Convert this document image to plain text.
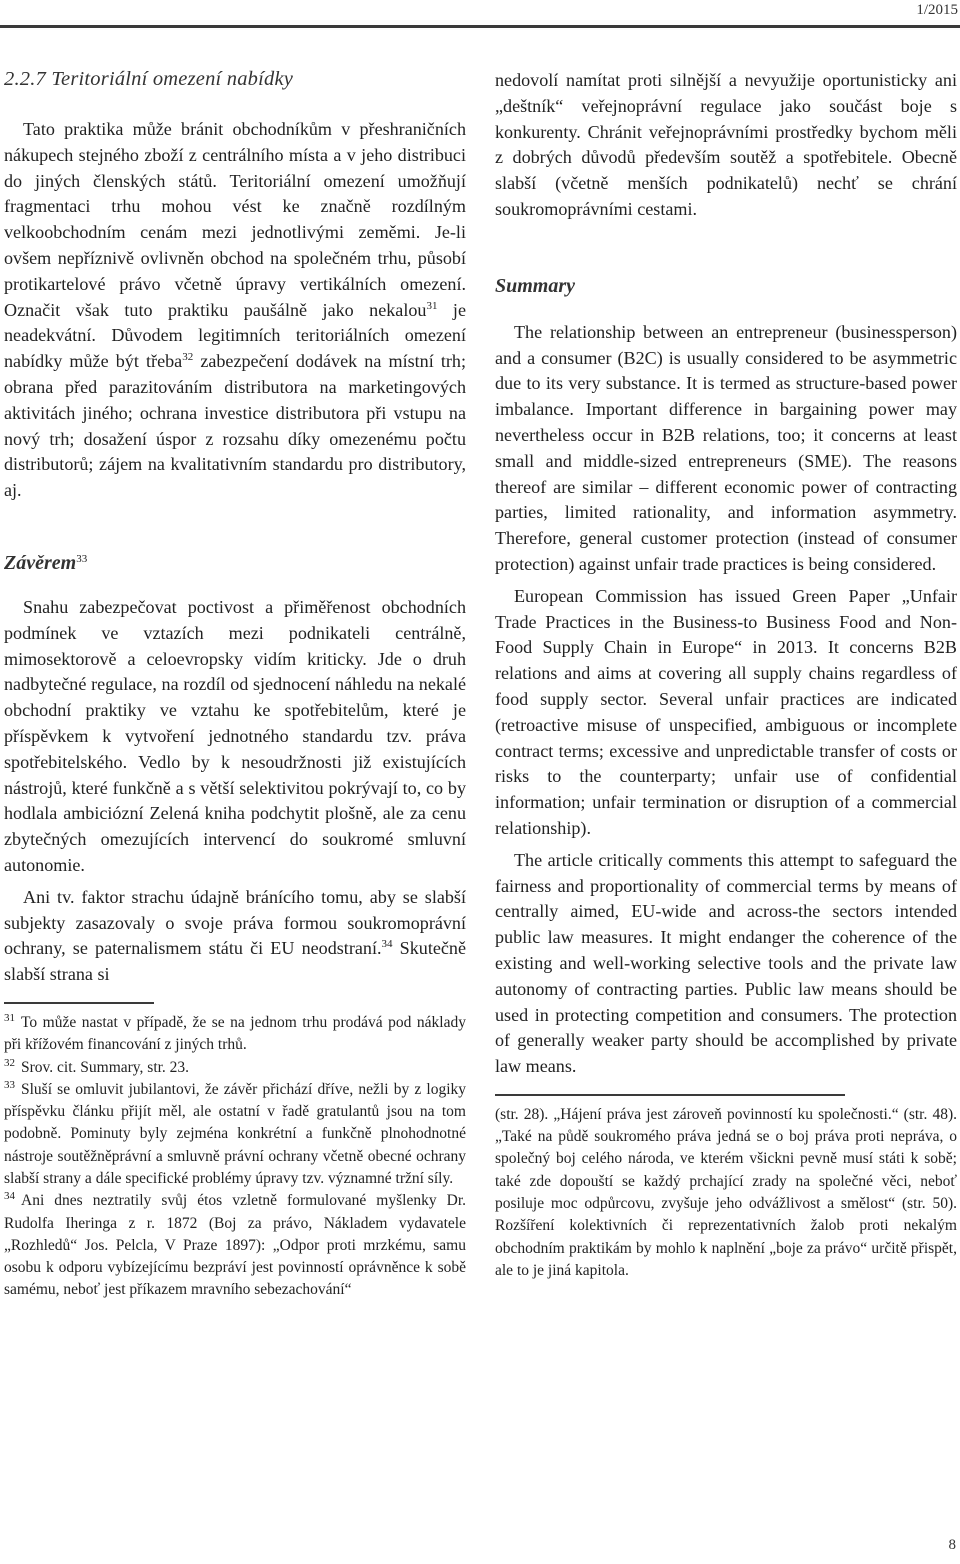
1/2015
2.2.7 Teritoriální omezení nabídky

Tato praktika může bránit obchodníkům v přeshraničních nákupech stejného zboží z centrálního místa a v jeho distribuci do jiných členských států. Teritoriální omezení umožňují fragmentaci trhu mohou vést ke značně rozdílným velkoobchodním cenám mezi jednotlivými zeměmi. Je-li ovšem nepříznivě ovlivněn obchod na společném trhu, působí protikartelové právo včetně úpravy vertikálních omezení. Označit však tuto praktiku paušálně jako nekalou$^{31}$ je neadekvátní. Důvodem legitimních teritoriálních omezení nabídky může být třeba$^{32}$ zabezpečení dodávek na místní trh; obrana před parazitováním distributora na marketingových aktivitách jiného; ochrana investice distributora při vstupu na nový trh; dosažení úspor z rozsahu díky omezenému počtu distributorů; zájem na kvalitativním standardu pro distributory, aj.

Závěrem$^{33}$

Snahu zabezpečovat poctivost a přiměřenost obchodních podmínek ve vztazích mezi podnikateli centrálně, mimosektorově a celoevropsky vidím kriticky. Jde o druh nadbytečné regulace, na rozdíl od sjednocení náhledu na nekalé obchodní praktiky ve vztahu ke spotřebitelům, které je příspěvkem k vytvoření jednotného standardu tzv. práva spotřebitelského. Vedlo by k nesoudržnosti již existujících nástrojů, které funkčně a s větší selektivitou pokrývají to, co by hodlala ambiciózní Zelená kniha podchytit plošně, ale za cenu zbytečných omezujících intervencí do soukromé smluvní autonomie.

Ani tv. faktor strachu údajně bránícího tomu, aby se slabší subjekty zasazovaly o svoje práva formou soukromoprávní ochrany, se paternalismem státu či EU neodstraní.$^{34}$ Skutečně slabší strana si

$^{31}$ To může nastat v případě, že se na jednom trhu prodává pod náklady při křížovém financování z jiných trhů.

$^{32}$ Srov. cit. Summary, str. 23.

$^{33}$ Sluší se omluvit jubilantovi, že závěr přichází dříve, nežli by z logiky příspěvku článku přijít měl, ale ostatní v řadě gratulantů jsou na tom podobně. Pominuty byly zejména konkrétní a funkčně plnohodnotné nástroje soutěžněprávní a smluvně právní ochrany včetně obecné ochrany slabší strany a dále specifické problémy úpravy tzv. významné tržní síly.

$^{34}$ Ani dnes neztratily svůj étos vzletně formulované myšlenky Dr. Rudolfa Iheringa z r. 1872 (Boj za právo, Nákladem vydavatele „Rozhledů“ Jos. Pelcla, V Praze 1897): „Odpor proti mrzkému, samu osobu k odporu vybízejícímu bezpráví jest povinností oprávněnce k sobě samému, neboť jest příkazem mravního sebezachování“

nedovolí namítat proti silnější a nevyužije oportunisticky ani „deštník“ veřejnoprávní regulace jako součást boje s konkurenty. Chránit veřejnoprávními prostředky bychom měli z dobrých důvodů především soutěž a spotřebitele. Obecně slabší (včetně menších podnikatelů) nechť se chrání soukromoprávními cestami.

Summary

The relationship between an entrepreneur (businessperson) and a consumer (B2C) is usually considered to be asymmetric due to its very substance. It is termed as structure-based power imbalance. Important difference in bargaining power may nevertheless occur in B2B relations, too; it concerns at least small and middle-sized entrepreneurs (SME). The reasons thereof are similar – different economic power of contracting parties, limited rationality, and information asymmetry. Therefore, general customer protection (instead of consumer protection) against unfair trade practices is being considered.

European Commission has issued Green Paper „Unfair Trade Practices in the Business-to Business Food and Non-Food Supply Chain in Europe“ in 2013. It concerns B2B relations and aims at covering all supply chains regardless of food supply sector. Several unfair practices are indicated (retroactive misuse of unspecified, ambiguous or incomplete contract terms; excessive and unpredictable transfer of costs or risks to the counterparty; unfair use of confidential information; unfair termination or disruption of a commercial relationship).

The article critically comments this attempt to safeguard the fairness and proportionality of commercial terms by means of centrally aimed, EU-wide and across-the sectors intended public law measures. It might endanger the coherence of the existing and well-working selective tools and the private law autonomy of contracting parties. Public law means should be used in protecting competition and consumers. The protection of generally weaker party should be accomplished by private law means.

(str. 28). „Hájení práva jest zároveň povinností ku společnosti.“ (str. 48). „Také na půdě soukromého práva jedná se o boj práva proti nepráva, o společný boj celého národa, ve kterém všickni pevně musí státi k sobě; také zde dopouští se každý prchající zrady na společné věci, neboť posiluje moc odpůrcovu, zvyšuje jeho odvážlivost a smělost“ (str. 50). Rozšíření kolektivních či reprezentativních žalob proti nekalým obchodním praktikám by mohlo k naplnění „boje za právo“ určitě přispět, ale to je jiná kapitola.

8
